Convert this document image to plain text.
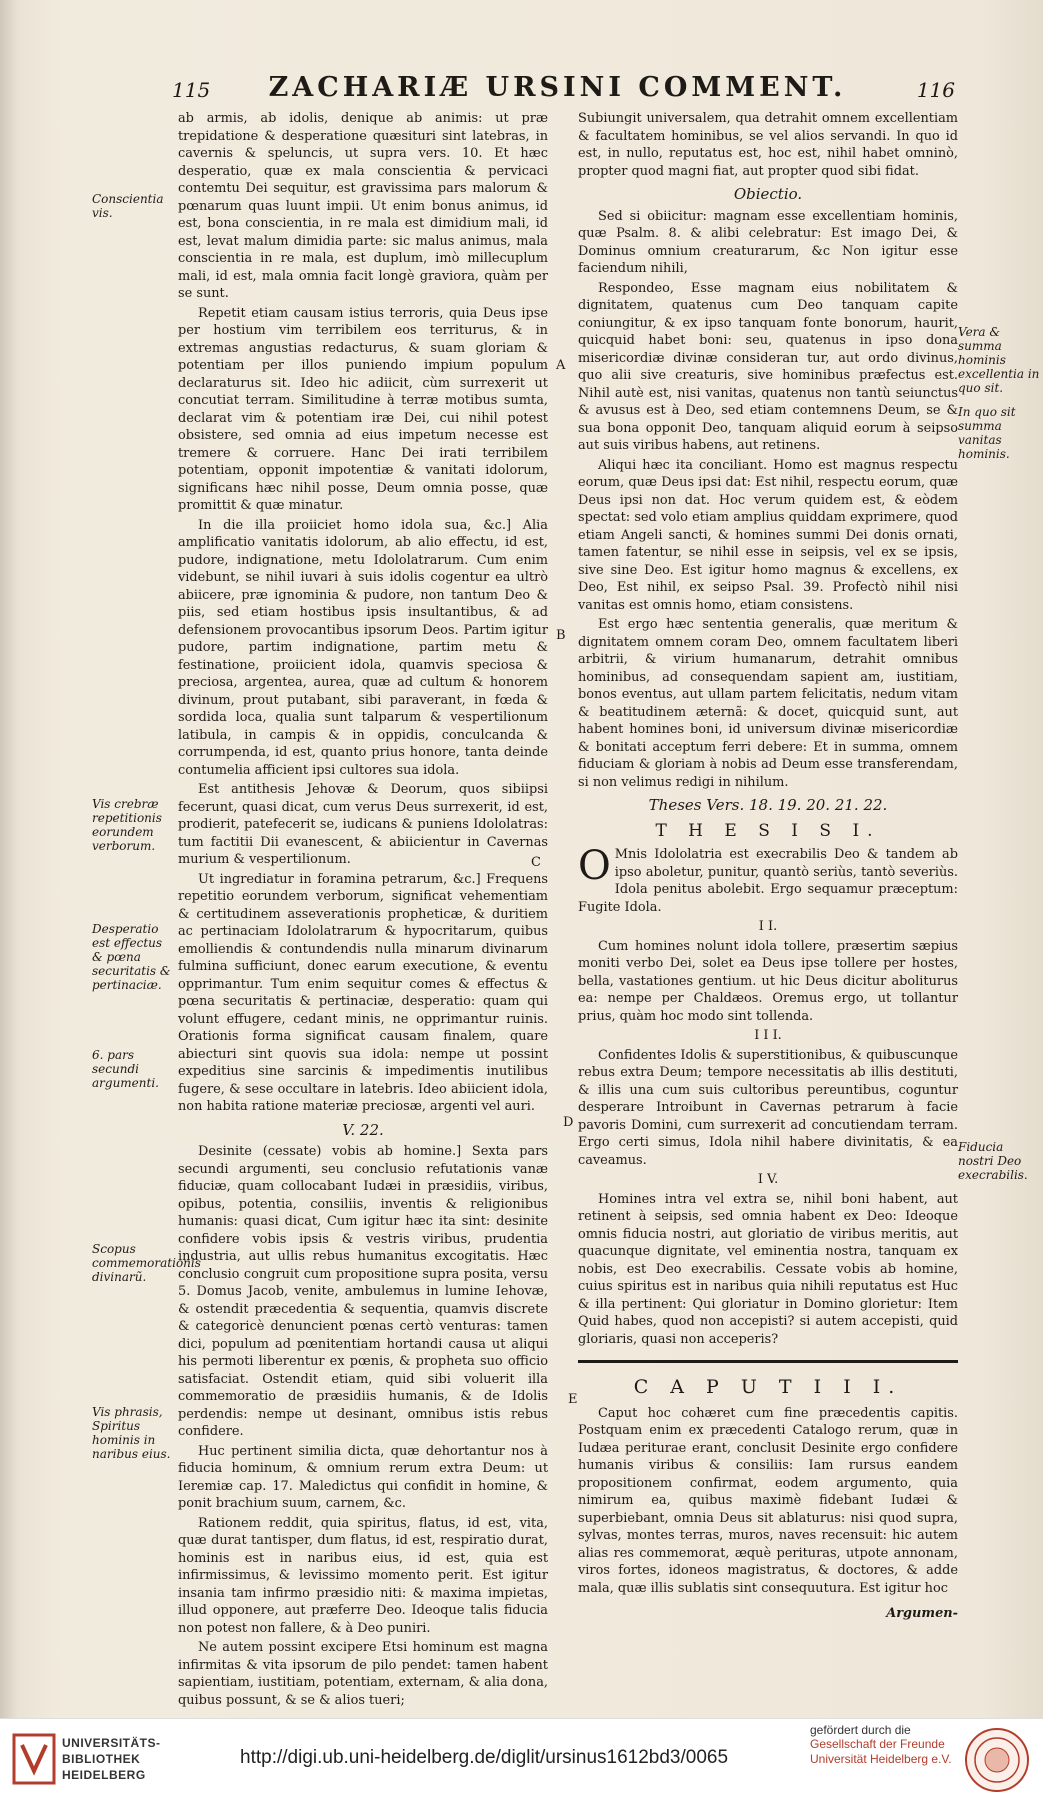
115	ZACHARIÆ URSINI COMMENT.	116
Conscientia vis.
Vis crebræ repetitionis eorundem verborum.
Desperatio est effectus & pœna securitatis & pertinaciæ.
6. pars secundi argumenti.
Scopus commemorationis divinarũ.
Vis phrasis, Spiritus hominis in naribus eius.
Vera & summa hominis excellentia in quo sit.
In quo sit summa vanitas hominis.
Fiducia nostri Deo execrabilis.
A
B
C
D
E

ab armis, ab idolis, denique ab animis: ut præ trepidatione & desperatione quæsituri sint latebras, in cavernis & speluncis, ut supra vers. 10. Et hæc desperatio, quæ ex mala conscientia & pervicaci contemtu Dei sequitur, est gravissima pars malorum & pœnarum quas luunt impii. Ut enim bonus animus, id est, bona conscientia, in re mala est dimidium mali, id est, levat malum dimidia parte: sic malus animus, mala conscientia in re mala, est duplum, imò millecuplum mali, id est, mala omnia facit longè graviora, quàm per se sunt.

Repetit etiam causam istius terroris, quia Deus ipse per hostium vim terribilem eos territurus, & in extremas angustias redacturus, & suam gloriam & potentiam per illos puniendo impium populum declaraturus sit. Ideo hic adiicit, cùm surrexerit ut concutiat terram. Similitudine à terræ motibus sumta, declarat vim & potentiam iræ Dei, cui nihil potest obsistere, sed omnia ad eius impetum necesse est tremere & corruere. Hanc Dei irati terribilem potentiam, opponit impotentiæ & vanitati idolorum, significans hæc nihil posse, Deum omnia posse, quæ promittit & quæ minatur.

In die illa proiiciet homo idola sua, &c.] Alia amplificatio vanitatis idolorum, ab alio effectu, id est, pudore, indignatione, metu Idololatrarum. Cum enim videbunt, se nihil iuvari à suis idolis cogentur ea ultrò abiicere, præ ignominia & pudore, non tantum Deo & piis, sed etiam hostibus ipsis insultantibus, & ad defensionem provocantibus ipsorum Deos. Partim igitur pudore, partim indignatione, partim metu & festinatione, proiicient idola, quamvis speciosa & preciosa, argentea, aurea, quæ ad cultum & honorem divinum, prout putabant, sibi paraverant, in fœda & sordida loca, qualia sunt talparum & vespertilionum latibula, in campis & in oppidis, conculcanda & corrumpenda, id est, quanto prius honore, tanta deinde contumelia afficient ipsi cultores sua idola.

Est antithesis Jehovæ & Deorum, quos sibiipsi fecerunt, quasi dicat, cum verus Deus surrexerit, id est, prodierit, patefecerit se, iudicans & puniens Idololatras: tum factitii Dii evanescent, & abiicientur in Cavernas murium & vespertilionum.

Ut ingrediatur in foramina petrarum, &c.] Frequens repetitio eorundem verborum, significat vehementiam & certitudinem asseverationis propheticæ, & duritiem ac pertinaciam Idololatrarum & hypocritarum, quibus emolliendis & contundendis nulla minarum divinarum fulmina sufficiunt, donec earum executione, & eventu opprimantur. Tum enim sequitur comes & effectus & pœna securitatis & pertinaciæ, desperatio: quam qui volunt effugere, cedant minis, ne opprimantur ruinis. Orationis forma significat causam finalem, quare abiecturi sint quovis sua idola: nempe ut possint expeditius sine sarcinis & impedimentis inutilibus fugere, & sese occultare in latebris. Ideo abiicient idola, non habita ratione materiæ preciosæ, argenti vel auri.

V. 22.

Desinite (cessate) vobis ab homine.] Sexta pars secundi argumenti, seu conclusio refutationis vanæ fiduciæ, quam collocabant Iudæi in præsidiis, viribus, opibus, potentia, consiliis, inventis & religionibus humanis: quasi dicat, Cum igitur hæc ita sint: desinite confidere vobis ipsis & vestris viribus, prudentia industria, aut ullis rebus humanitus excogitatis. Hæc conclusio congruit cum propositione supra posita, versu 5. Domus Jacob, venite, ambulemus in lumine Iehovæ, & ostendit præcedentia & sequentia, quamvis discrete & categoricè denuncient pœnas certò venturas: tamen dici, populum ad pœnitentiam hortandi causa ut aliqui his permoti liberentur ex pœnis, & propheta suo officio satisfaciat. Ostendit etiam, quid sibi voluerit illa commemoratio de præsidiis humanis, & de Idolis perdendis: nempe ut desinant, omnibus istis rebus confidere.

Huc pertinent similia dicta, quæ dehortantur nos à fiducia hominum, & omnium rerum extra Deum: ut Ieremiæ cap. 17. Maledictus qui confidit in homine, & ponit brachium suum, carnem, &c.

Rationem reddit, quia spiritus, flatus, id est, vita, quæ durat tantisper, dum flatus, id est, respiratio durat, hominis est in naribus eius, id est, quia est infirmissimus, & levissimo momento perit. Est igitur insania tam infirmo præsidio niti: & maxima impietas, illud opponere, aut præferre Deo. Ideoque talis fiducia non potest non fallere, & à Deo puniri.

Ne autem possint excipere Etsi hominum est magna infirmitas & vita ipsorum de pilo pendet: tamen habent sapientiam, iustitiam, potentiam, externam, & alia dona, quibus possunt, & se & alios tueri;

Subiungit universalem, qua detrahit omnem excellentiam & facultatem hominibus, se vel alios servandi. In quo id est, in nullo, reputatus est, hoc est, nihil habet omninò, propter quod magni fiat, aut propter quod sibi fidat.

Obiectio.

Sed si obiicitur: magnam esse excellentiam hominis, quæ Psalm. 8. & alibi celebratur: Est imago Dei, & Dominus omnium creaturarum, &c Non igitur esse faciendum nihili,

Respondeo, Esse magnam eius nobilitatem & dignitatem, quatenus cum Deo tanquam capite coniungitur, & ex ipso tanquam fonte bonorum, haurit, quicquid habet boni: seu, quatenus in ipso dona misericordiæ divinæ consideran tur, aut ordo divinus, quo alii sive creaturis, sive hominibus præfectus est. Nihil autè est, nisi vanitas, quatenus non tantù seiunctus & avusus est à Deo, sed etiam contemnens Deum, se & sua bona opponit Deo, tanquam aliquid eorum à seipso aut suis viribus habens, aut retinens.

Aliqui hæc ita conciliant. Homo est magnus respectu eorum, quæ Deus ipsi dat: Est nihil, respectu eorum, quæ Deus ipsi non dat. Hoc verum quidem est, & eòdem spectat: sed volo etiam amplius quiddam exprimere, quod etiam Angeli sancti, & homines summi Dei donis ornati, tamen fatentur, se nihil esse in seipsis, vel ex se ipsis, sive sine Deo. Est igitur homo magnus & excellens, ex Deo, Est nihil, ex seipso Psal. 39. Profectò nihil nisi vanitas est omnis homo, etiam consistens.

Est ergo hæc sententia generalis, quæ meritum & dignitatem omnem coram Deo, omnem facultatem liberi arbitrii, & virium humanarum, detrahit omnibus hominibus, ad consequendam sapient am, iustitiam, bonos eventus, aut ullam partem felicitatis, nedum vitam & beatitudinem æternã: & docet, quicquid sunt, aut habent homines boni, id universum divinæ misericordiæ & bonitati acceptum ferri debere: Et in summa, omnem fiduciam & gloriam à nobis ad Deum esse transferendam, si non velimus redigi in nihilum.

Theses Vers. 18. 19. 20. 21. 22.
T H E S I S I.

O Mnis Idololatria est execrabilis Deo & tandem ab ipso aboletur, punitur, quantò seriùs, tantò severiùs. Idola penitus abolebit. Ergo sequamur præceptum: Fugite Idola.

I I.

Cum homines nolunt idola tollere, præsertim sæpius moniti verbo Dei, solet ea Deus ipse tollere per hostes, bella, vastationes gentium. ut hic Deus dicitur aboliturus ea: nempe per Chaldæos. Oremus ergo, ut tollantur prius, quàm hoc modo sint tollenda.

I I I.

Confidentes Idolis & superstitionibus, & quibuscunque rebus extra Deum; tempore necessitatis ab illis destituti, & illis una cum suis cultoribus pereuntibus, coguntur desperare Introibunt in Cavernas petrarum à facie pavoris Domini, cum surrexerit ad concutiendam terram. Ergo certi simus, Idola nihil habere divinitatis, & ea caveamus.

I V.

Homines intra vel extra se, nihil boni habent, aut retinent à seipsis, sed omnia habent ex Deo: Ideoque omnis fiducia nostri, aut gloriatio de viribus meritis, aut quacunque dignitate, vel eminentia nostra, tanquam ex nobis, est Deo execrabilis. Cessate vobis ab homine, cuius spiritus est in naribus quia nihili reputatus est Huc & illa pertinent: Qui gloriatur in Domino glorietur: Item Quid habes, quod non accepisti? si autem accepisti, quid gloriaris, quasi non acceperis?

C A P U T I I I.

Caput hoc cohæret cum fine præcedentis capitis. Postquam enim ex præcedenti Catalogo rerum, quæ in Iudæa periturae erant, conclusit Desinite ergo confidere humanis viribus & consiliis: Iam rursus eandem propositionem confirmat, eodem argumento, quia nimirum ea, quibus maximè fidebant Iudæi & superbiebant, omnia Deus sit ablaturus: nisi quod supra, sylvas, montes terras, muros, naves recensuit: hic autem alias res commemorat, æquè perituras, utpote annonam, viros fortes, idoneos magistratus, & doctores, & adde mala, quæ illis sublatis sint consequutura. Est igitur hoc

Argumen-
UNIVERSITÄTS-
BIBLIOTHEK
HEIDELBERG
http://digi.ub.uni-heidelberg.de/diglit/ursinus1612bd3/0065
gefördert durch die
Gesellschaft der Freunde
Universität Heidelberg e.V.
